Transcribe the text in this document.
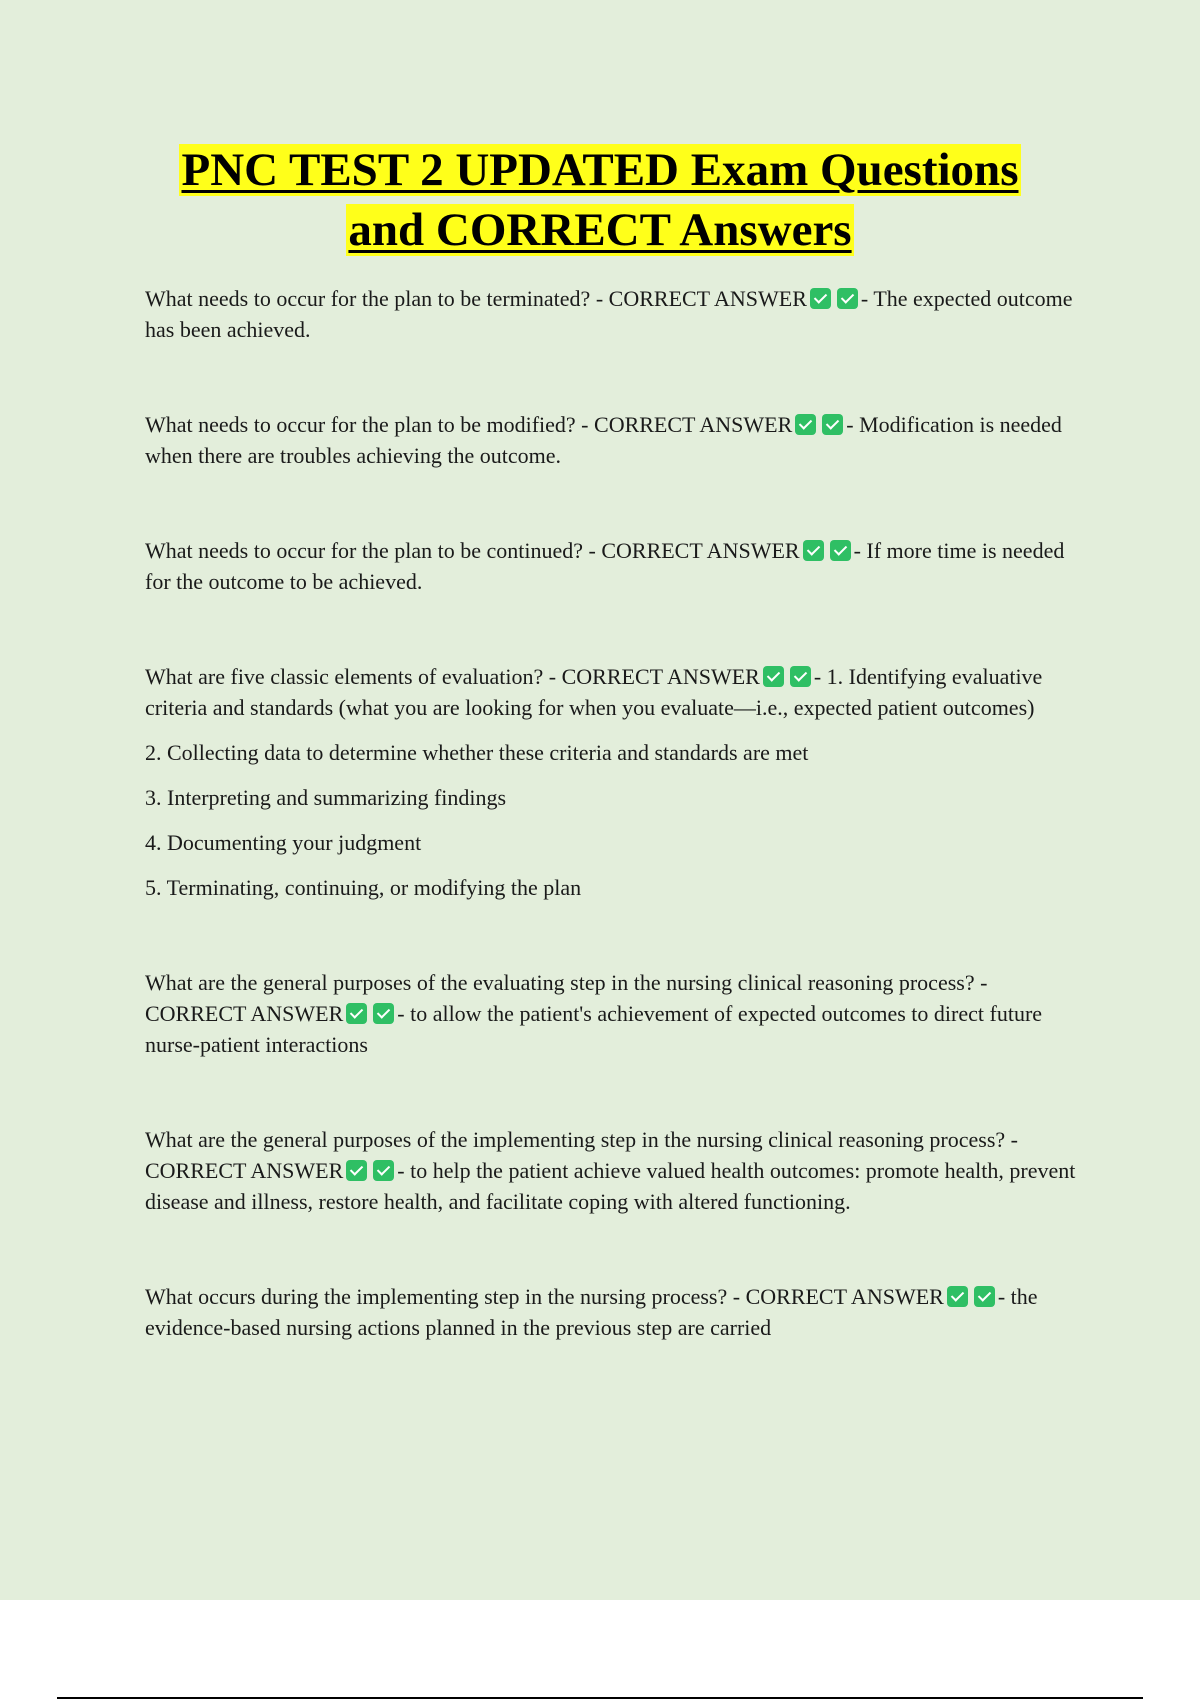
PNC TEST 2 UPDATED Exam Questions
and CORRECT Answers

What needs to occur for the plan to be terminated? - CORRECT ANSWER - The expected outcome has been achieved.

What needs to occur for the plan to be modified? - CORRECT ANSWER - Modification is needed when there are troubles achieving the outcome.

What needs to occur for the plan to be continued? - CORRECT ANSWER - If more time is needed for the outcome to be achieved.

What are five classic elements of evaluation? - CORRECT ANSWER - 1. Identifying evaluative criteria and standards (what you are looking for when you evaluate—i.e., expected patient outcomes)

2. Collecting data to determine whether these criteria and standards are met

3. Interpreting and summarizing findings

4. Documenting your judgment

5. Terminating, continuing, or modifying the plan

What are the general purposes of the evaluating step in the nursing clinical reasoning process? - CORRECT ANSWER - to allow the patient's achievement of expected outcomes to direct future nurse-patient interactions

What are the general purposes of the implementing step in the nursing clinical reasoning process? - CORRECT ANSWER - to help the patient achieve valued health outcomes: promote health, prevent disease and illness, restore health, and facilitate coping with altered functioning.

What occurs during the implementing step in the nursing process? - CORRECT ANSWER - the evidence-based nursing actions planned in the previous step are carried
